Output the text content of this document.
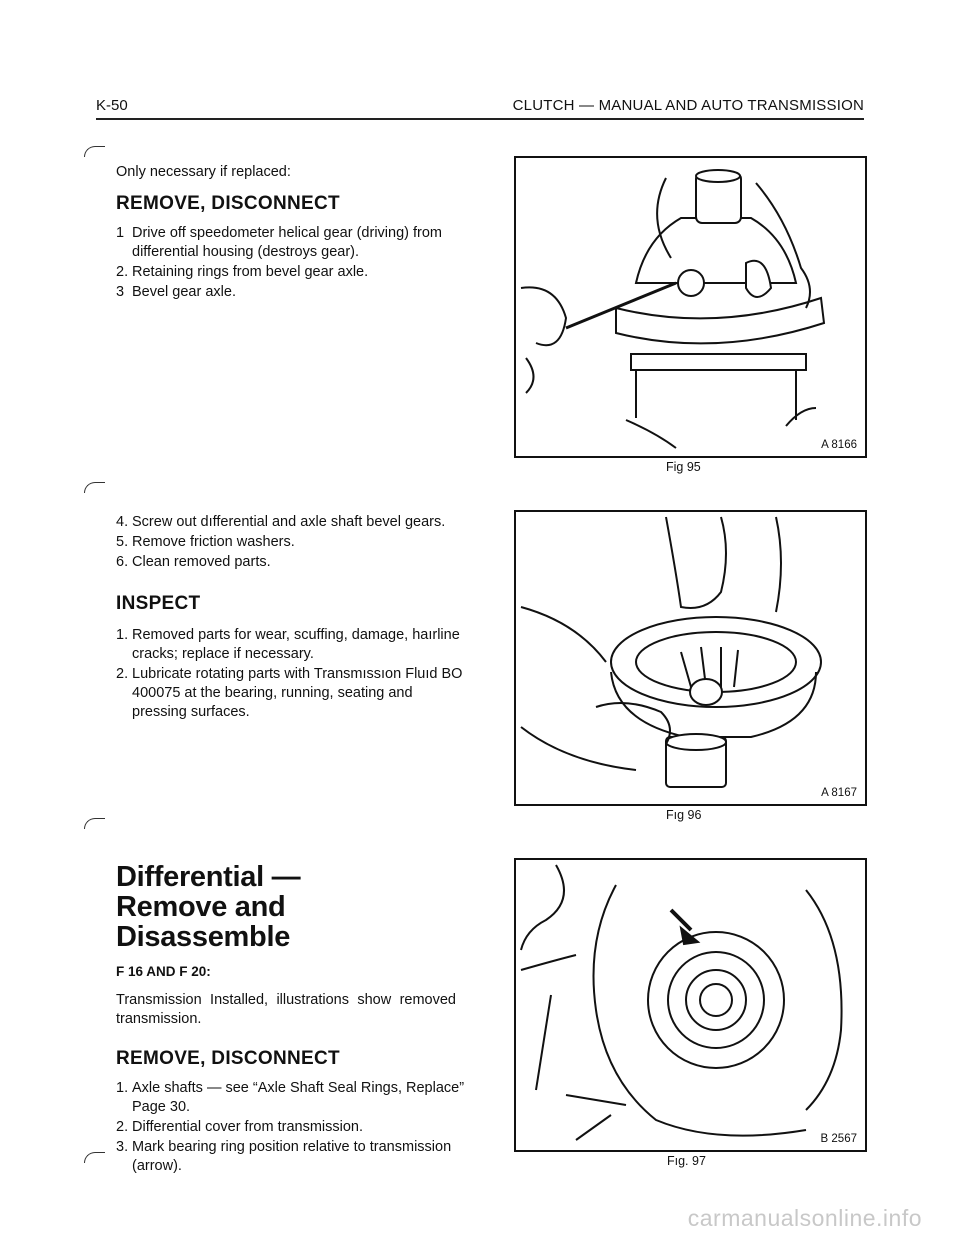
K-50	CLUTCH — MANUAL AND AUTO TRANSMISSION
Only necessary if replaced:
REMOVE, DISCONNECT
1 Drive off speedometer helical gear (driving) from differential housing (destroys gear).
2. Retaining rings from bevel gear axle.
3 Bevel gear axle.
4. Screw out dıfferential and axle shaft bevel gears.
5. Remove friction washers.
6. Clean removed parts.
INSPECT
1. Removed parts for wear, scuffing, damage, haırline cracks; replace if necessary.
2. Lubricate rotating parts with Transmıssıon Fluıd BO 400075 at the bearing, running, seating and pressing surfaces.
Differential —
Remove and Disassemble
F 16 AND F 20:
Transmission Installed, illustrations show removed transmission.
REMOVE, DISCONNECT
1. Axle shafts — see “Axle Shaft Seal Rings, Replace” Page 30.
2. Differential cover from transmission.
3. Mark bearing ring position relative to transmission (arrow).
A 8166
Fig 95
A 8167
Fıg 96
B 2567
Fıg. 97
carmanualsonline.info
